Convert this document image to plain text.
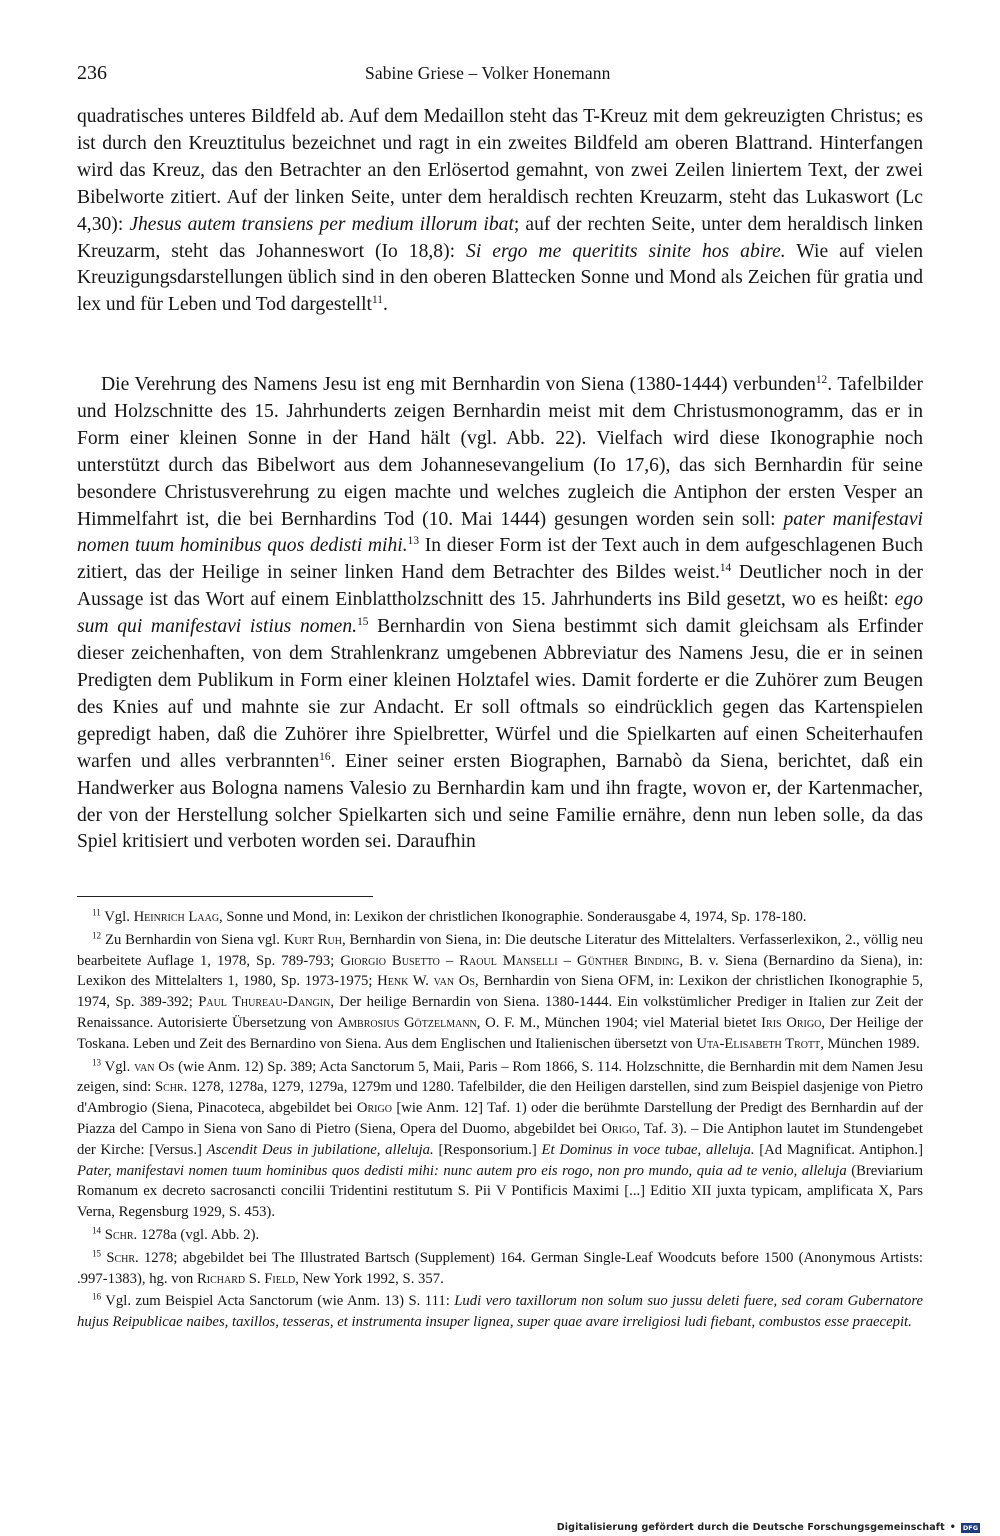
236	Sabine Griese – Volker Honemann

quadratisches unteres Bildfeld ab. Auf dem Medaillon steht das T-Kreuz mit dem gekreuzigten Christus; es ist durch den Kreuztitulus bezeichnet und ragt in ein zweites Bildfeld am oberen Blattrand. Hinterfangen wird das Kreuz, das den Betrachter an den Erlösertod gemahnt, von zwei Zeilen liniertem Text, der zwei Bibelworte zitiert. Auf der linken Seite, unter dem heraldisch rechten Kreuzarm, steht das Lukaswort (Lc 4,30): Jhesus autem transiens per medium illorum ibat; auf der rechten Seite, unter dem heraldisch linken Kreuzarm, steht das Johanneswort (Io 18,8): Si ergo me queritits sinite hos abire. Wie auf vielen Kreuzigungsdarstellungen üblich sind in den oberen Blattecken Sonne und Mond als Zeichen für gratia und lex und für Leben und Tod dargestellt$^{11}$.

Die Verehrung des Namens Jesu ist eng mit Bernhardin von Siena (1380-1444) verbunden$^{12}$. Tafelbilder und Holzschnitte des 15. Jahrhunderts zeigen Bernhardin meist mit dem Christusmonogramm, das er in Form einer kleinen Sonne in der Hand hält (vgl. Abb. 22). Vielfach wird diese Ikonographie noch unterstützt durch das Bibelwort aus dem Johannesevangelium (Io 17,6), das sich Bernhardin für seine besondere Christusverehrung zu eigen machte und welches zugleich die Antiphon der ersten Vesper an Himmelfahrt ist, die bei Bernhardins Tod (10. Mai 1444) gesungen worden sein soll: pater manifestavi nomen tuum hominibus quos dedisti mihi.$^{13}$ In dieser Form ist der Text auch in dem aufgeschlagenen Buch zitiert, das der Heilige in seiner linken Hand dem Betrachter des Bildes weist.$^{14}$ Deutlicher noch in der Aussage ist das Wort auf einem Einblattholzschnitt des 15. Jahrhunderts ins Bild gesetzt, wo es heißt: ego sum qui manifestavi istius nomen.$^{15}$ Bernhardin von Siena bestimmt sich damit gleichsam als Erfinder dieser zeichenhaften, von dem Strahlenkranz umgebenen Abbreviatur des Namens Jesu, die er in seinen Predigten dem Publikum in Form einer kleinen Holztafel wies. Damit forderte er die Zuhörer zum Beugen des Knies auf und mahnte sie zur Andacht. Er soll oftmals so eindrücklich gegen das Kartenspielen gepredigt haben, daß die Zuhörer ihre Spielbretter, Würfel und die Spielkarten auf einen Scheiterhaufen warfen und alles verbrannten$^{16}$. Einer seiner ersten Biographen, Barnabò da Siena, berichtet, daß ein Handwerker aus Bologna namens Valesio zu Bernhardin kam und ihn fragte, wovon er, der Kartenmacher, der von der Herstellung solcher Spielkarten sich und seine Familie ernähre, denn nun leben solle, da das Spiel kritisiert und verboten worden sei. Daraufhin

$^{11}$ Vgl. Heinrich Laag, Sonne und Mond, in: Lexikon der christlichen Ikonographie. Sonderausgabe 4, 1974, Sp. 178-180.

$^{12}$ Zu Bernhardin von Siena vgl. Kurt Ruh, Bernhardin von Siena, in: Die deutsche Literatur des Mittelalters. Verfasserlexikon, 2., völlig neu bearbeitete Auflage 1, 1978, Sp. 789-793; Giorgio Busetto – Raoul Manselli – Günther Binding, B. v. Siena (Bernardino da Siena), in: Lexikon des Mittelalters 1, 1980, Sp. 1973-1975; Henk W. van Os, Bernhardin von Siena OFM, in: Lexikon der christlichen Ikonographie 5, 1974, Sp. 389-392; Paul Thureau-Dangin, Der heilige Bernardin von Siena. 1380-1444. Ein volkstümlicher Prediger in Italien zur Zeit der Renaissance. Autorisierte Übersetzung von Ambrosius Götzelmann, O. F. M., München 1904; viel Material bietet Iris Origo, Der Heilige der Toskana. Leben und Zeit des Bernardino von Siena. Aus dem Englischen und Italienischen übersetzt von Uta-Elisabeth Trott, München 1989.

$^{13}$ Vgl. van Os (wie Anm. 12) Sp. 389; Acta Sanctorum 5, Maii, Paris – Rom 1866, S. 114. Holzschnitte, die Bernhardin mit dem Namen Jesu zeigen, sind: Schr. 1278, 1278a, 1279, 1279a, 1279m und 1280. Tafelbilder, die den Heiligen darstellen, sind zum Beispiel dasjenige von Pietro d'Ambrogio (Siena, Pinacoteca, abgebildet bei Origo [wie Anm. 12] Taf. 1) oder die berühmte Darstellung der Predigt des Bernhardin auf der Piazza del Campo in Siena von Sano di Pietro (Siena, Opera del Duomo, abgebildet bei Origo, Taf. 3). – Die Antiphon lautet im Stundengebet der Kirche: [Versus.] Ascendit Deus in jubilatione, alleluja. [Responsorium.] Et Dominus in voce tubae, alleluja. [Ad Magnificat. Antiphon.] Pater, manifestavi nomen tuum hominibus quos dedisti mihi: nunc autem pro eis rogo, non pro mundo, quia ad te venio, alleluja (Breviarium Romanum ex decreto sacrosancti concilii Tridentini restitutum S. Pii V Pontificis Maximi [...] Editio XII juxta typicam, amplificata X, Pars Verna, Regensburg 1929, S. 453).

$^{14}$ Schr. 1278a (vgl. Abb. 2).

$^{15}$ Schr. 1278; abgebildet bei The Illustrated Bartsch (Supplement) 164. German Single-Leaf Woodcuts before 1500 (Anonymous Artists: .997-1383), hg. von Richard S. Field, New York 1992, S. 357.

$^{16}$ Vgl. zum Beispiel Acta Sanctorum (wie Anm. 13) S. 111: Ludi vero taxillorum non solum suo jussu deleti fuere, sed coram Gubernatore hujus Reipublicae naibes, taxillos, tesseras, et instrumenta insuper lignea, super quae avare irreligiosi ludi fiebant, combustos esse praecepit.

Digitalisierung gefördert durch die Deutsche Forschungsgemeinschaft • DFG
